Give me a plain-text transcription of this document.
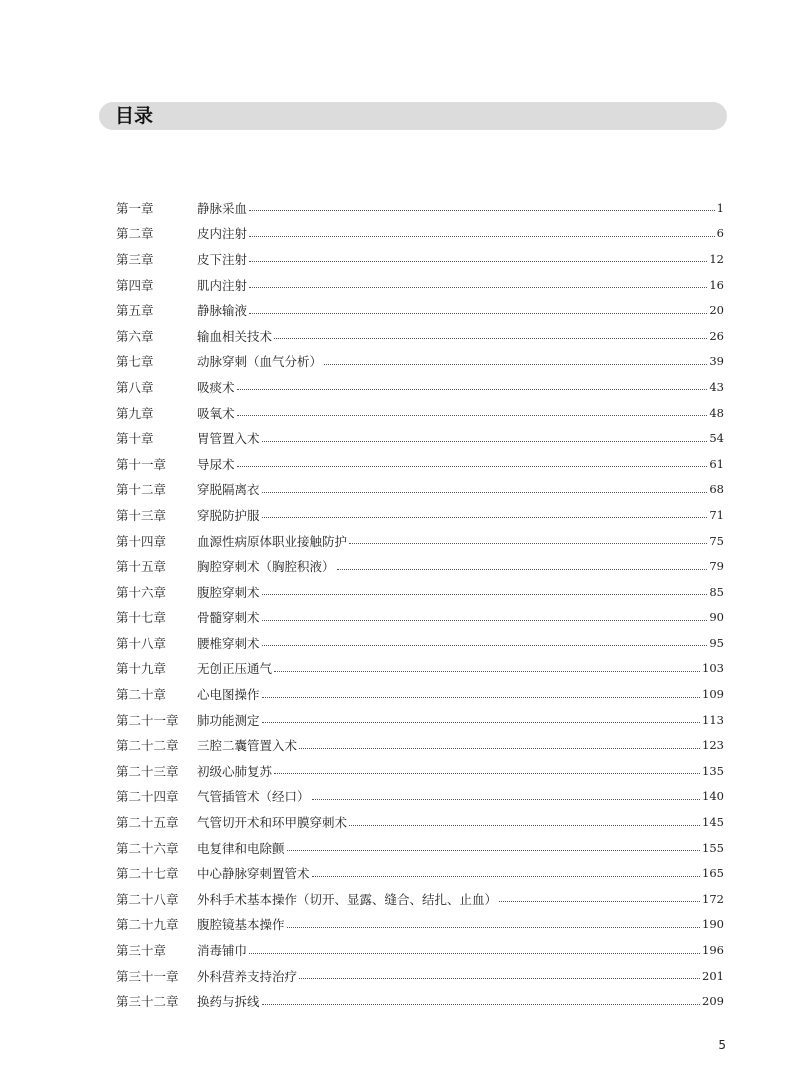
目录
第一章	静脉采血	1
第二章	皮内注射	6
第三章	皮下注射	12
第四章	肌内注射	16
第五章	静脉输液	20
第六章	输血相关技术	26
第七章	动脉穿刺（血气分析）	39
第八章	吸痰术	43
第九章	吸氧术	48
第十章	胃管置入术	54
第十一章	导尿术	61
第十二章	穿脱隔离衣	68
第十三章	穿脱防护服	71
第十四章	血源性病原体职业接触防护	75
第十五章	胸腔穿刺术（胸腔积液）	79
第十六章	腹腔穿刺术	85
第十七章	骨髓穿刺术	90
第十八章	腰椎穿刺术	95
第十九章	无创正压通气	103
第二十章	心电图操作	109
第二十一章	肺功能测定	113
第二十二章	三腔二囊管置入术	123
第二十三章	初级心肺复苏	135
第二十四章	气管插管术（经口）	140
第二十五章	气管切开术和环甲膜穿刺术	145
第二十六章	电复律和电除颤	155
第二十七章	中心静脉穿刺置管术	165
第二十八章	外科手术基本操作（切开、显露、缝合、结扎、止血）	172
第二十九章	腹腔镜基本操作	190
第三十章	消毒铺巾	196
第三十一章	外科营养支持治疗	201
第三十二章	换药与拆线	209
5
